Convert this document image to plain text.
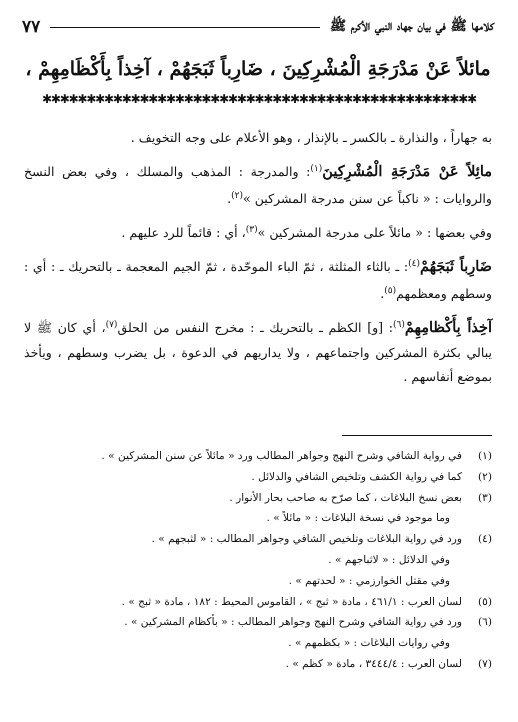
كلامها ﷺ في بيان جهاد النبي الأكرم ﷺ
٧٧
مائلاً عَنْ مَدْرَجَةِ الْمُشْرِكِينَ ، ضَارِباً ثَبَجَهُمْ ، آخِذاً بِأَكْظَامِهِمْ ،
✱✱✱✱✱✱✱✱✱✱✱✱✱✱✱✱✱✱✱✱✱✱✱✱✱✱✱✱✱✱✱✱✱✱✱✱✱✱✱✱✱✱✱✱✱✱✱✱✱

به جهاراً ، والنذارة ـ بالكسر ـ بالإنذار ، وهو الأعلام على وجه التخويف .

مائِلاً عَنْ مَدْرَجَةِ الْمُشْرِكِينَ$^{(١)}$: والمدرجة : المذهب والمسلك ، وفي بعض النسخ والروايات : « ناكباً عن سنن مدرجة المشركين »$^{(٢)}$.

وفي بعضها : « مائلاً على مدرجة المشركين »$^{(٣)}$، أي : قائماً للرد عليهم .

ضَارِباً ثَبَجَهُمْ$^{(٤)}$: ـ بالثاء المثلثة ، ثمّ الباء الموحّدة ، ثمّ الجيم المعجمة ـ بالتحريك ـ : أي : وسطهم ومعظمهم$^{(٥)}$.

آخِذاً بِأَكْظامِهِمْ$^{(٦)}$: [و] الكظم ـ بالتحريك ـ : مخرج النفس من الحلق$^{(٧)}$، أي كان ﷺ لا يبالي بكثرة المشركين واجتماعهم ، ولا يداريهم في الدعوة ، بل يضرب وسطهم ، ويأخذ بموضع أنفاسهم .

(١)
في رواية الشافي وشرح النهج وجواهر المطالب ورد « مائلاً عن سنن المشركين » .
(٢)
كما في رواية الكشف وتلخيص الشافي والدلائل .
(٣)
بعض نسخ البلاغات ، كما صرّح به صاحب بحار الأنوار .
وما موجود في نسخة البلاغات : « مائلاً » .
(٤)
ورد في رواية البلاغات وتلخيص الشافي وجواهر المطالب : « لثبجهم » .
وفي الدلائل : « لاثباجهم » .
وفي مقتل الخوارزمي : « لحدتهم » .
(٥)
لسان العرب : ٤٦١/١ ، مادة « ثبج » ، القاموس المحيط : ١٨٢ ، مادة « ثبج » .
(٦)
ورد في رواية الشافي وشرح النهج وجواهر المطالب : « بأكظام المشركين » .
وفي روايات البلاغات : « بكظمهم » .
(٧)
لسان العرب : ٣٤٤٤/٤ ، مادة « كظم » .
